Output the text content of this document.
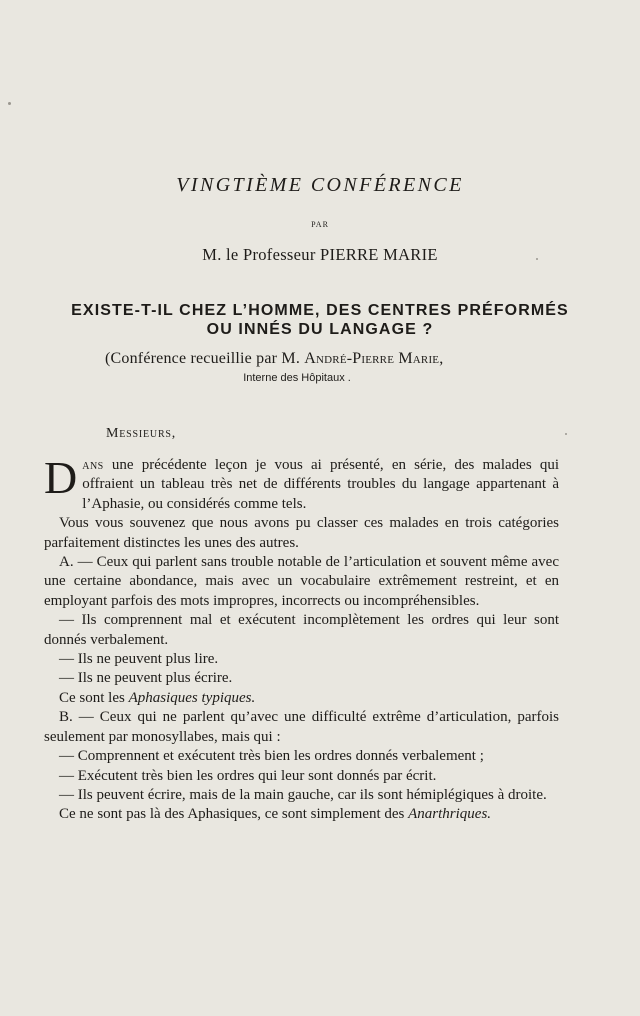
VINGTIÈME CONFÉRENCE
PAR
M. le Professeur PIERRE MARIE
EXISTE-T-IL CHEZ L’HOMME, DES CENTRES PRÉFORMÉS
OU INNÉS DU LANGAGE ?
(Conférence recueillie par M. André-Pierre Marie,
Interne des Hôpitaux .
Messieurs,

Dans une précédente leçon je vous ai présenté, en série, des malades qui offraient un tableau très net de différents troubles du langage appartenant à l’Aphasie, ou considérés comme tels.

Vous vous souvenez que nous avons pu classer ces malades en trois catégories parfaitement distinctes les unes des autres.

A. — Ceux qui parlent sans trouble notable de l’articulation et souvent même avec une certaine abondance, mais avec un vocabulaire extrêmement restreint, et en employant parfois des mots impropres, incorrects ou incompréhensibles.

— Ils comprennent mal et exécutent incomplètement les ordres qui leur sont donnés verbalement.

— Ils ne peuvent plus lire.

— Ils ne peuvent plus écrire.

Ce sont les Aphasiques typiques.

B. — Ceux qui ne parlent qu’avec une difficulté extrême d’articulation, parfois seulement par monosyllabes, mais qui :

— Comprennent et exécutent très bien les ordres donnés verbalement ;

— Exécutent très bien les ordres qui leur sont donnés par écrit.

— Ils peuvent écrire, mais de la main gauche, car ils sont hémiplégiques à droite.

Ce ne sont pas là des Aphasiques, ce sont simplement des Anarthriques.
